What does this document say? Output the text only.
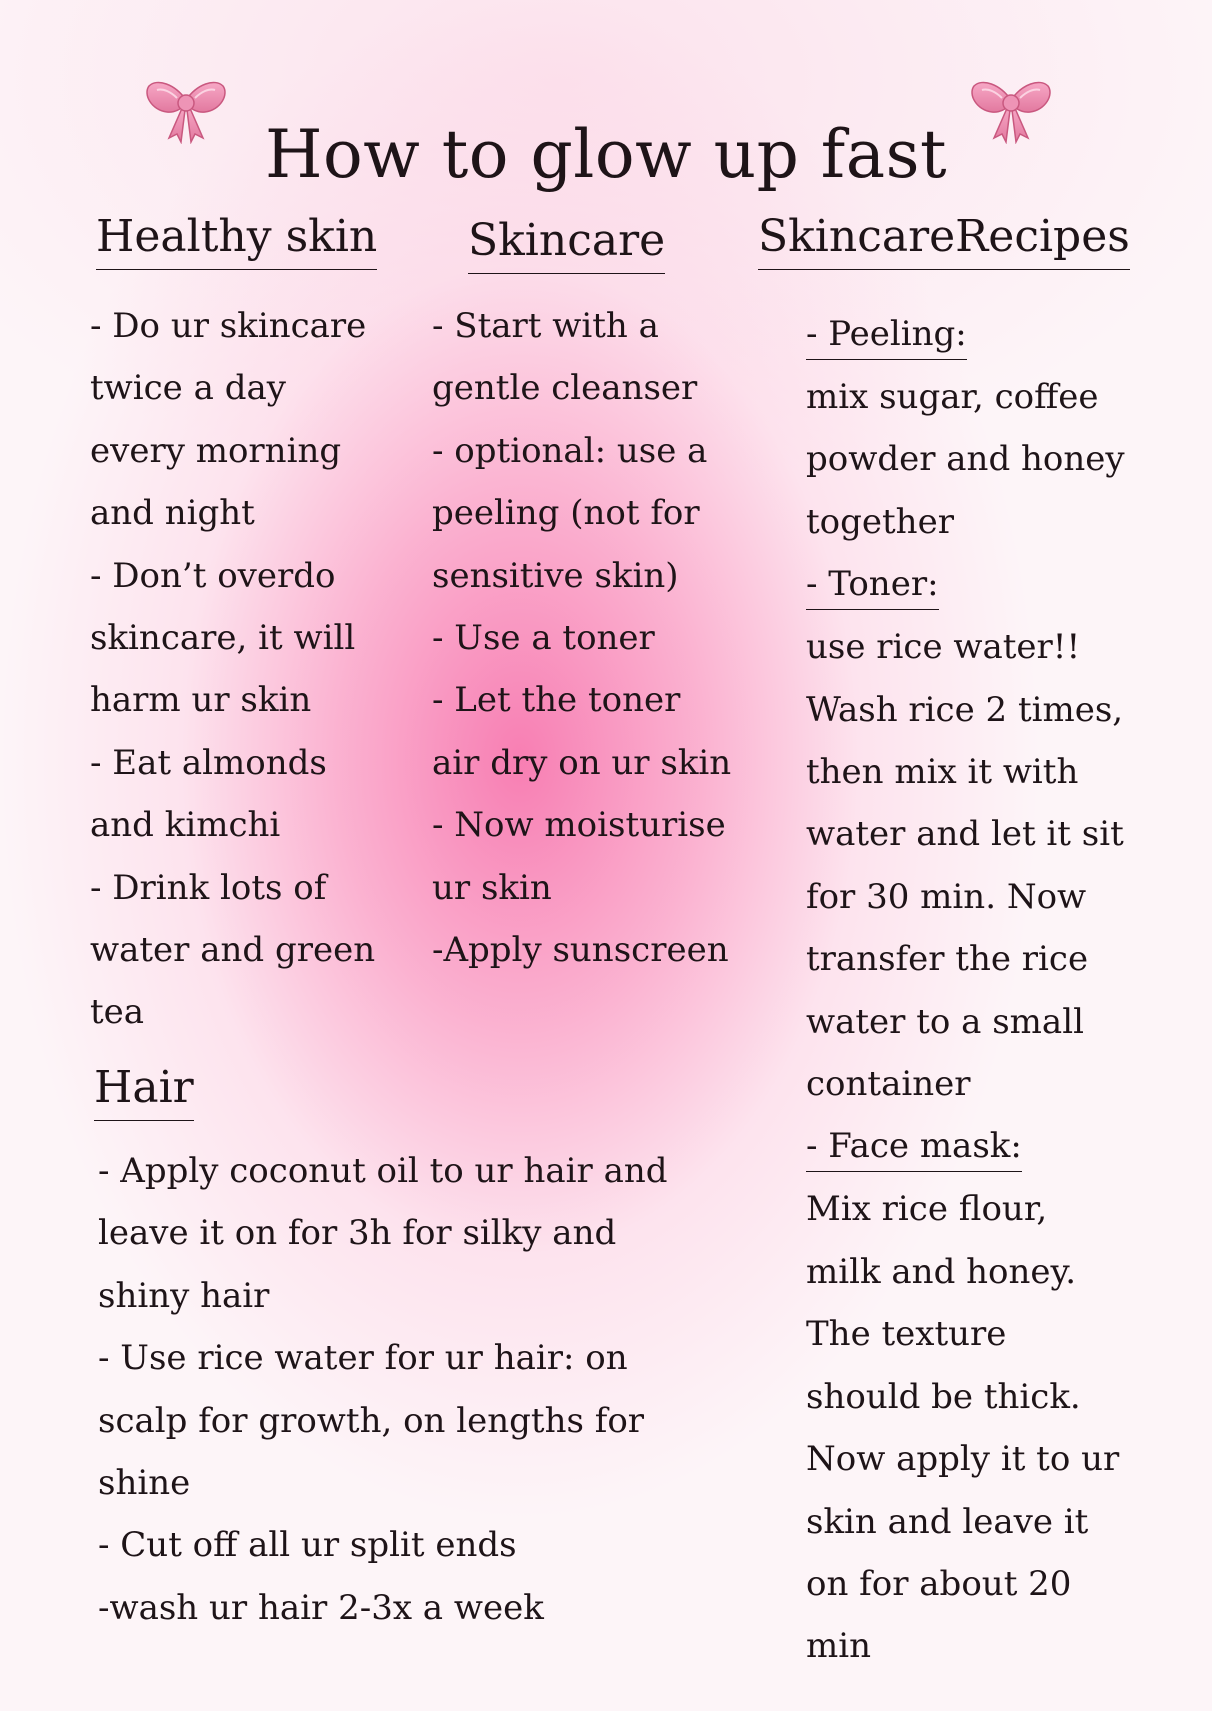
How to glow up fast
Healthy skin
- Do ur skincare
twice a day
every morning
and night
- Don’t overdo
skincare, it will
harm ur skin
- Eat almonds
and kimchi
- Drink lots of
water and green
tea
Skincare
- Start with a
gentle cleanser
- optional: use a
peeling (not for
sensitive skin)
- Use a toner
- Let the toner
air dry on ur skin
- Now moisturise
ur skin
-Apply sunscreen
SkincareRecipes
- Peeling:
mix sugar, coffee
powder and honey
together
- Toner:
use rice water!!
Wash rice 2 times,
then mix it with
water and let it sit
for 30 min. Now
transfer the rice
water to a small
container
- Face mask:
Mix rice flour,
milk and honey.
The texture
should be thick.
Now apply it to ur
skin and leave it
on for about 20
min
Hair
- Apply coconut oil to ur hair and
leave it on for 3h for silky and
shiny hair
- Use rice water for ur hair: on
scalp for growth, on lengths for
shine
- Cut off all ur split ends
-wash ur hair 2-3x a week
